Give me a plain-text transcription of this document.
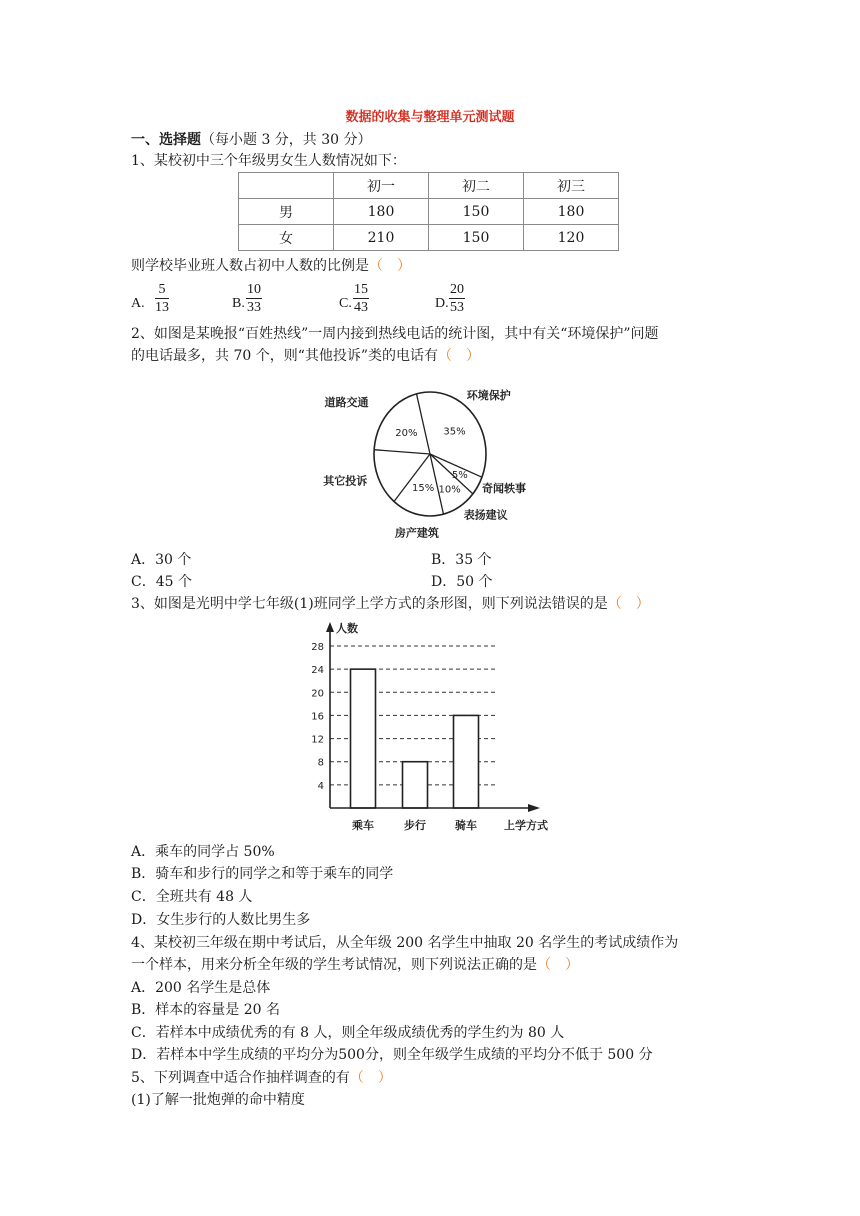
数据的收集与整理单元测试题
一、选择题（每小题 3 分，共 30 分）
1、某校初中三个年级男女生人数情况如下：
	初一	初二	初三
男	180	150	180
女	210	150	120
则学校毕业班人数占初中人数的比例是（　）
A. $\frac{5}{13}$	B. $\frac{10}{33}$	C. $\frac{15}{43}$	D. $\frac{20}{53}$
2、如图是某晚报“百姓热线”一周内接到热线电话的统计图，其中有关“环境保护”问题
的电话最多，共 70 个，则“其他投诉”类的电话有（　）
35%
5%
10%
15%
20%
环境保护
奇闻轶事
表扬建议
房产建筑
其它投诉
道路交通
A．30 个	B．35 个
C．45 个	D．50 个
3、如图是光明中学七年级(1)班同学上学方式的条形图，则下列说法错误的是（　）
4
8
12
16
20
24
28
乘车	步行	骑车
人数
上学方式
A．乘车的同学占 50%
B．骑车和步行的同学之和等于乘车的同学
C．全班共有 48 人
D．女生步行的人数比男生多
4、某校初三年级在期中考试后，从全年级 200 名学生中抽取 20 名学生的考试成绩作为
一个样本，用来分析全年级的学生考试情况，则下列说法正确的是（　）
A．200 名学生是总体
B．样本的容量是 20 名
C．若样本中成绩优秀的有 8 人，则全年级成绩优秀的学生约为 80 人
D．若样本中学生成绩的平均分为500分，则全年级学生成绩的平均分不低于 500 分
5、下列调查中适合作抽样调查的有（　）
(1)了解一批炮弹的命中精度
